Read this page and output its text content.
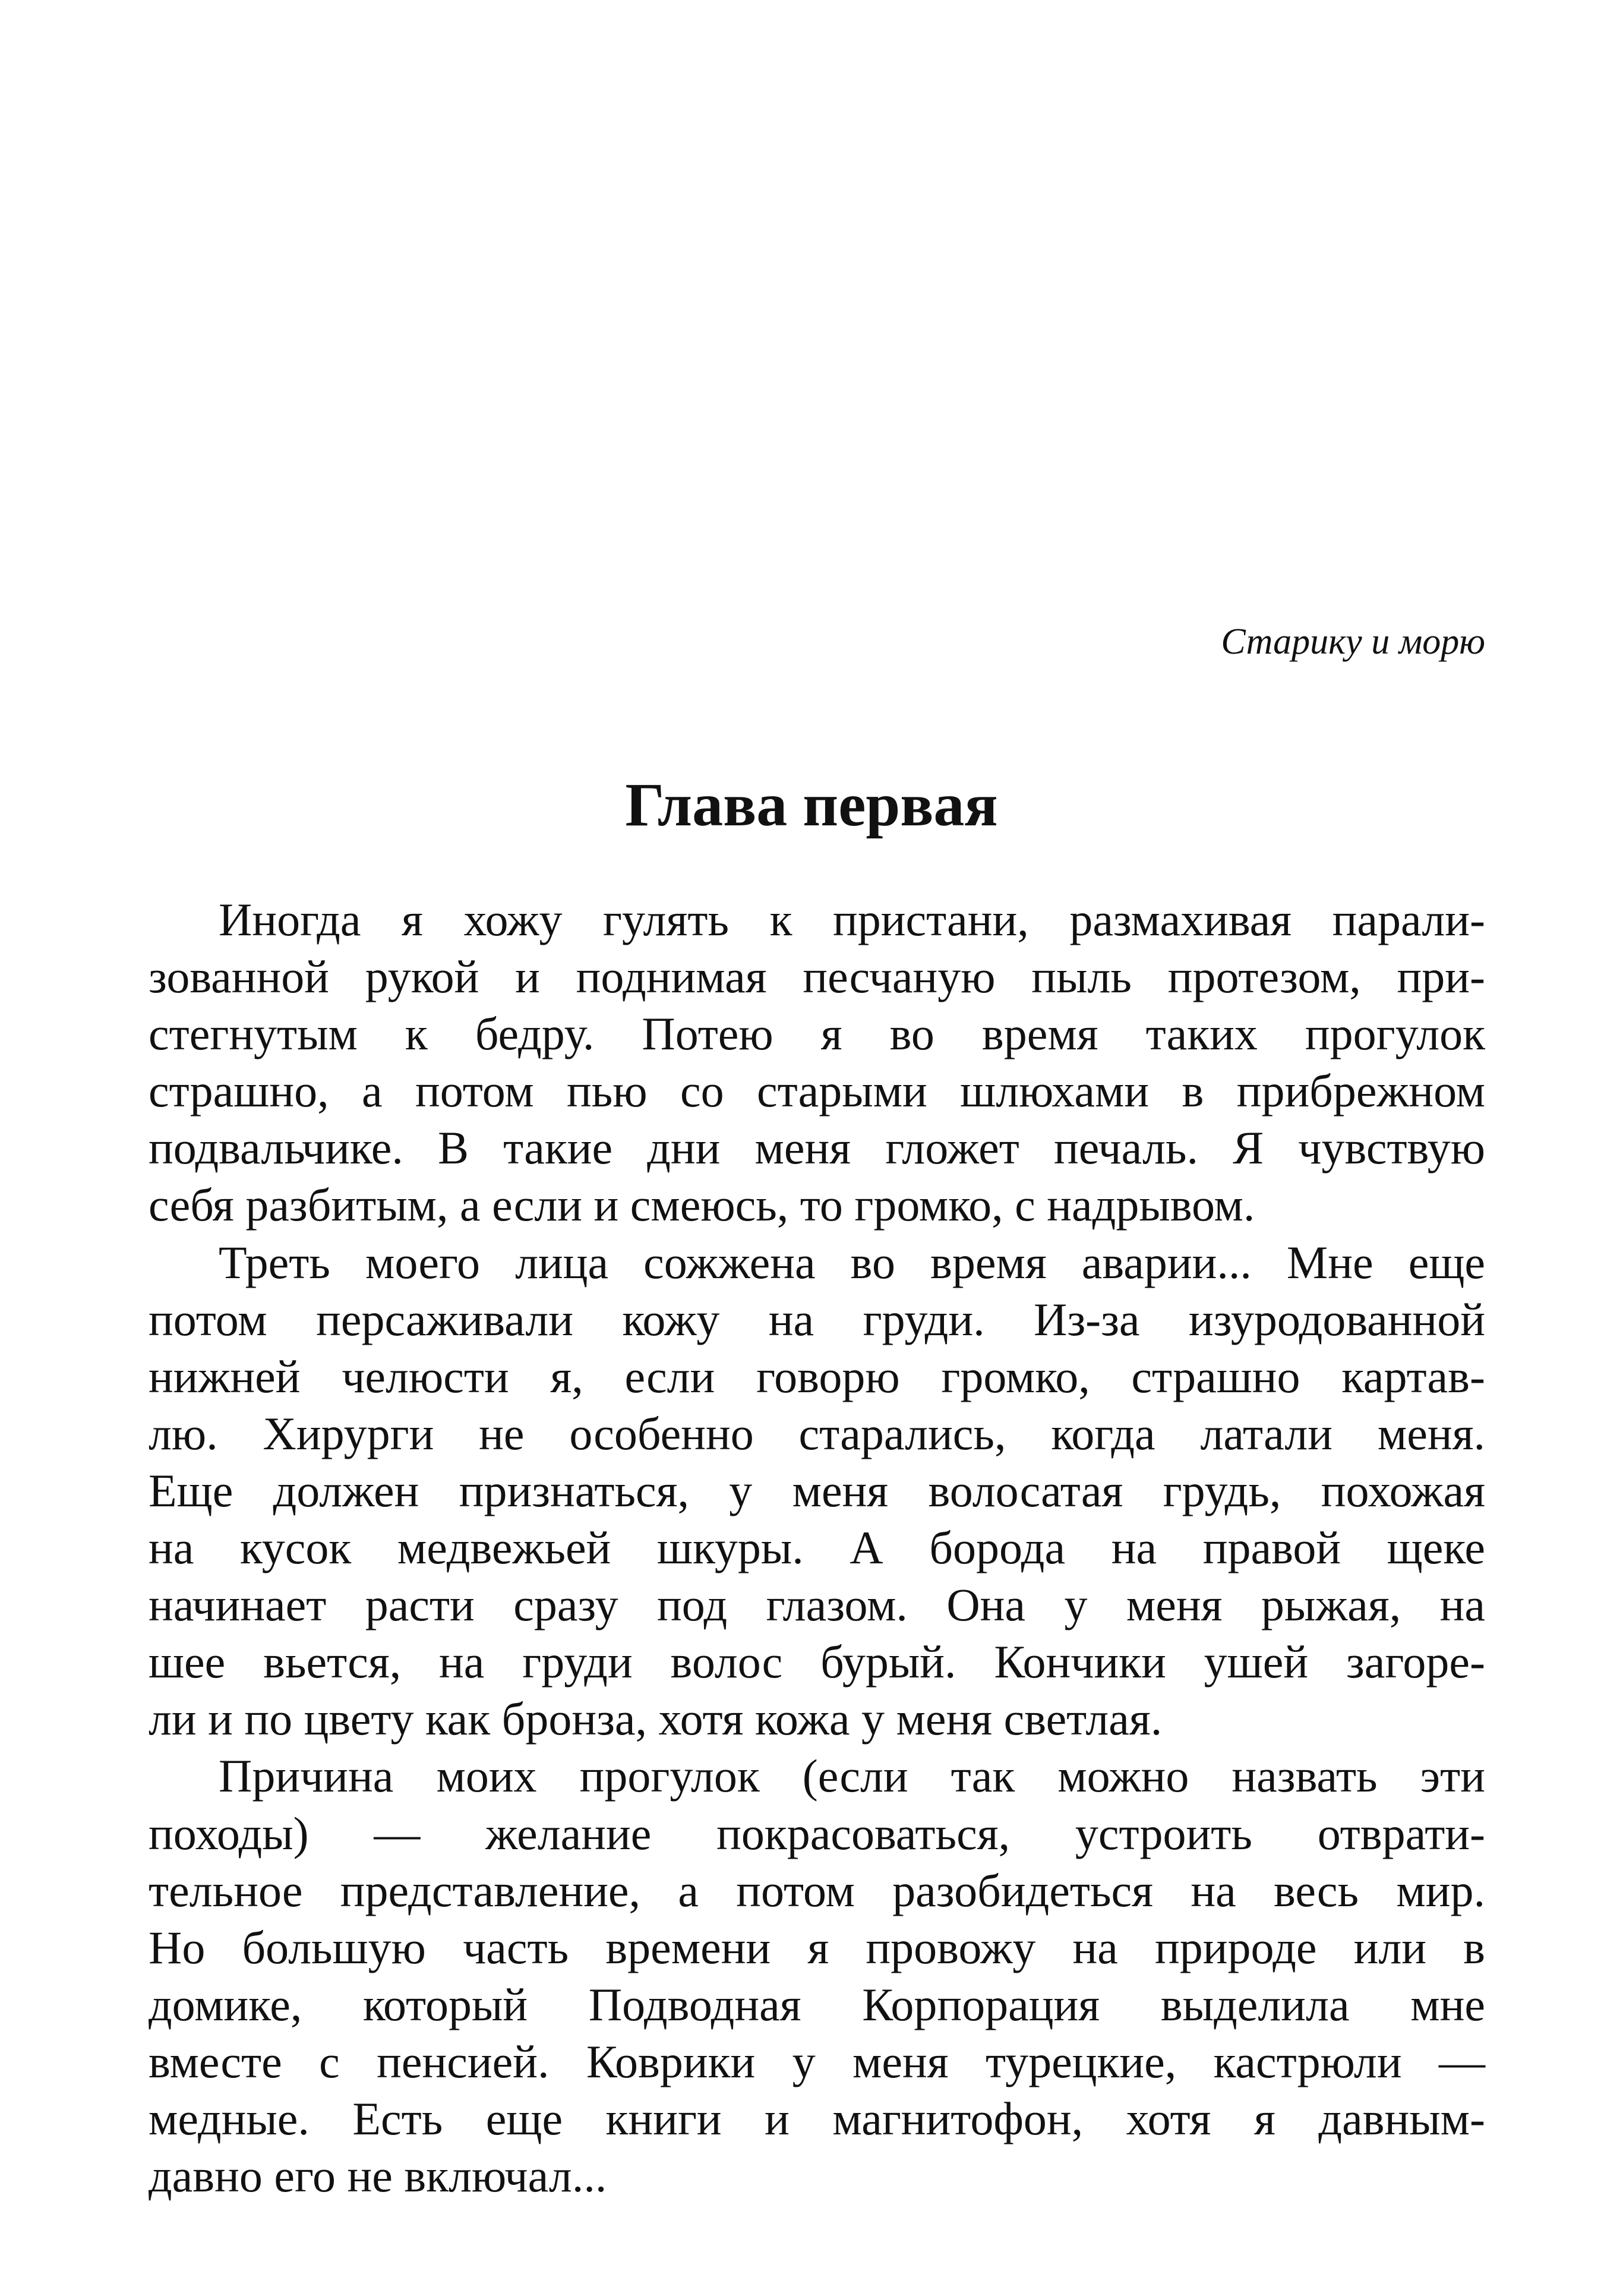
Старику и морю
Глава первая

Иногда я хожу гулять к пристани, размахивая парали-
зованной рукой и поднимая песчаную пыль протезом, при-
стегнутым к бедру. Потею я во время таких прогулок
страшно, а потом пью со старыми шлюхами в прибрежном
подвальчике. В такие дни меня гложет печаль. Я чувствую
себя разбитым, а если и смеюсь, то громко, с надрывом.

Треть моего лица сожжена во время аварии... Мне еще
потом персаживали кожу на груди. Из-за изуродованной
нижней челюсти я, если говорю громко, страшно картав-
лю. Хирурги не особенно старались, когда латали меня.
Еще должен признаться, у меня волосатая грудь, похожая
на кусок медвежьей шкуры. А борода на правой щеке
начинает расти сразу под глазом. Она у меня рыжая, на
шее вьется, на груди волос бурый. Кончики ушей загоре-
ли и по цвету как бронза, хотя кожа у меня светлая.

Причина моих прогулок (если так можно назвать эти
походы) — желание покрасоваться, устроить отврати-
тельное представление, а потом разобидеться на весь мир.
Но большую часть времени я провожу на природе или в
домике, который Подводная Корпорация выделила мне
вместе с пенсией. Коврики у меня турецкие, кастрюли —
медные. Есть еще книги и магнитофон, хотя я давным-
давно его не включал...
